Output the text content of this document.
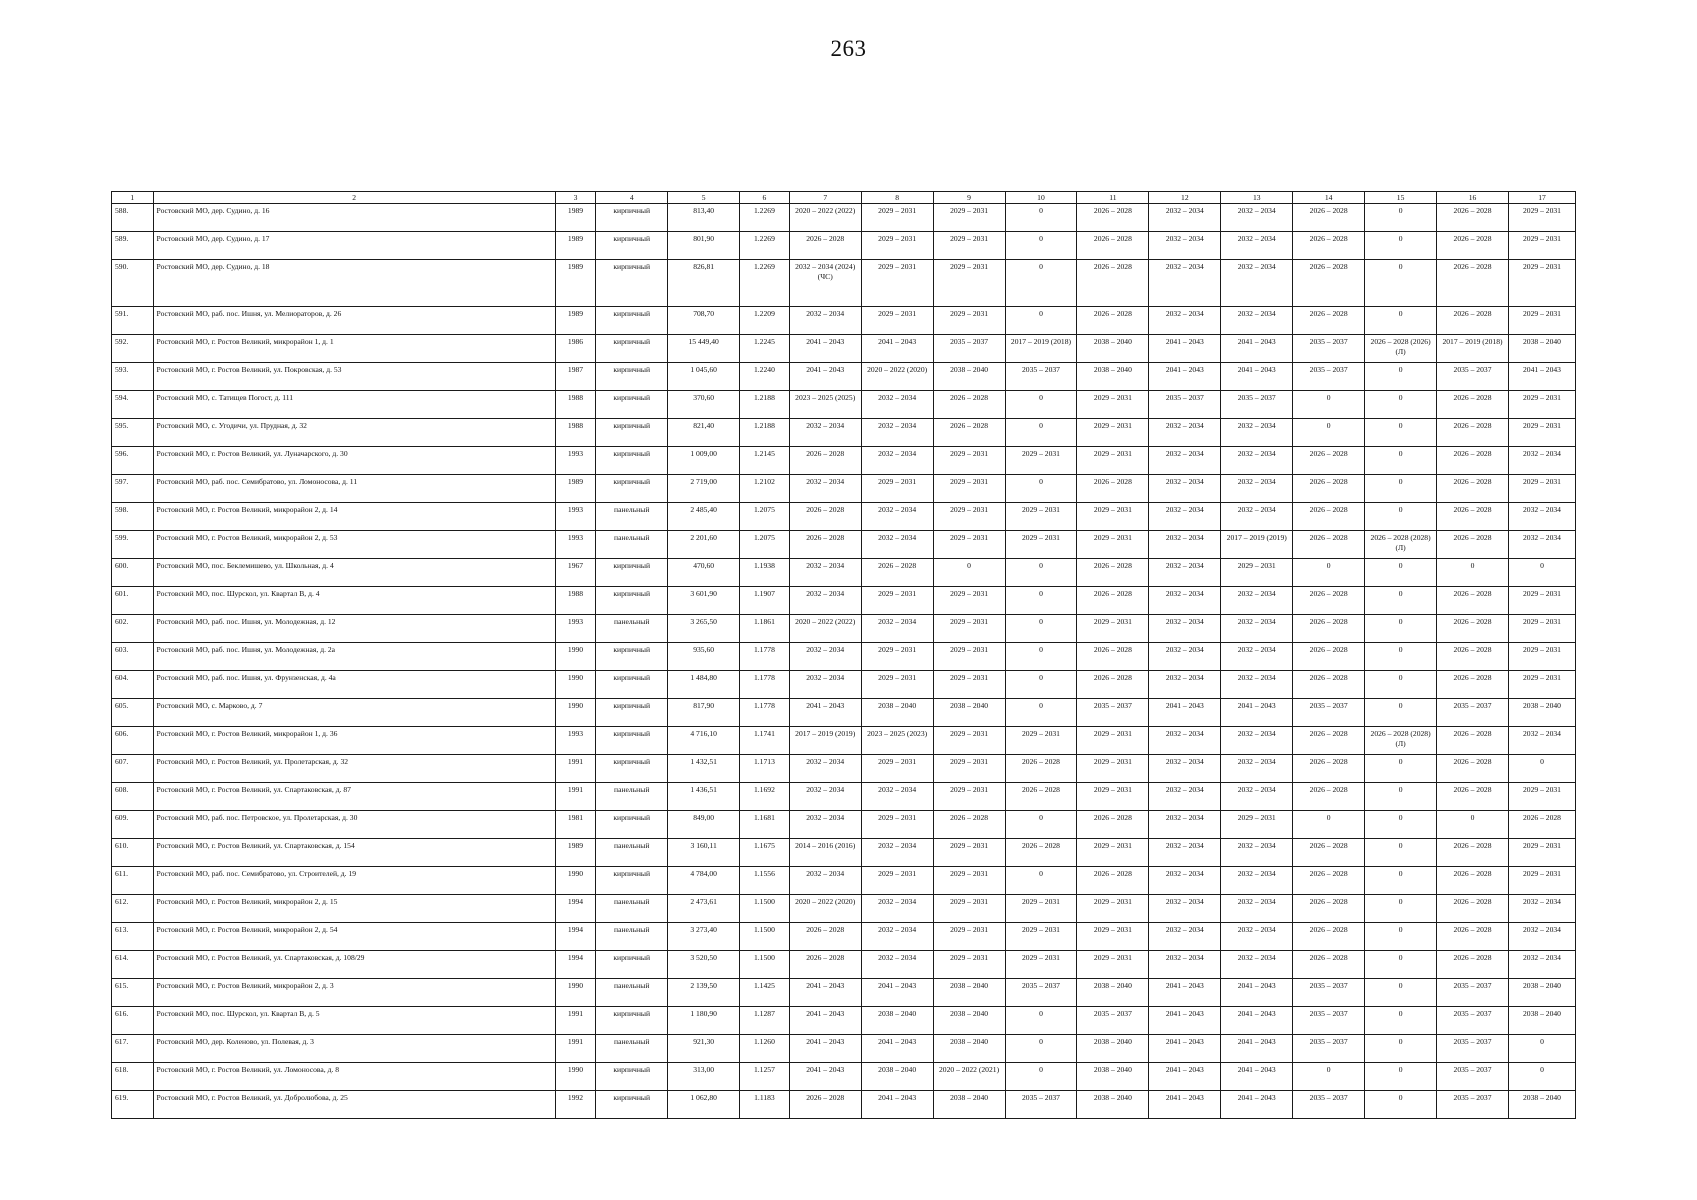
263
1	2	3	4	5	6	7	8	9	10	11	12	13	14	15	16	17
588.	Ростовский МО, дер. Судино, д. 16	1989	кирпичный	813,40	1.2269	2020 – 2022 (2022)	2029 – 2031	2029 – 2031	0	2026 – 2028	2032 – 2034	2032 – 2034	2026 – 2028	0	2026 – 2028	2029 – 2031
589.	Ростовский МО, дер. Судино, д. 17	1989	кирпичный	801,90	1.2269	2026 – 2028	2029 – 2031	2029 – 2031	0	2026 – 2028	2032 – 2034	2032 – 2034	2026 – 2028	0	2026 – 2028	2029 – 2031
590.	Ростовский МО, дер. Судино, д. 18	1989	кирпичный	826,81	1.2269	2032 – 2034 (2024) (ЧС)	2029 – 2031	2029 – 2031	0	2026 – 2028	2032 – 2034	2032 – 2034	2026 – 2028	0	2026 – 2028	2029 – 2031
591.	Ростовский МО, раб. пос. Ишня, ул. Мелиораторов, д. 26	1989	кирпичный	708,70	1.2209	2032 – 2034	2029 – 2031	2029 – 2031	0	2026 – 2028	2032 – 2034	2032 – 2034	2026 – 2028	0	2026 – 2028	2029 – 2031
592.	Ростовский МО, г. Ростов Великий, микрорайон 1, д. 1	1986	кирпичный	15 449,40	1.2245	2041 – 2043	2041 – 2043	2035 – 2037	2017 – 2019 (2018)	2038 – 2040	2041 – 2043	2041 – 2043	2035 – 2037	2026 – 2028 (2026) (Л)	2017 – 2019 (2018)	2038 – 2040
593.	Ростовский МО, г. Ростов Великий, ул. Покровская, д. 53	1987	кирпичный	1 045,60	1.2240	2041 – 2043	2020 – 2022 (2020)	2038 – 2040	2035 – 2037	2038 – 2040	2041 – 2043	2041 – 2043	2035 – 2037	0	2035 – 2037	2041 – 2043
594.	Ростовский МО, с. Татищев Погост, д. 111	1988	кирпичный	370,60	1.2188	2023 – 2025 (2025)	2032 – 2034	2026 – 2028	0	2029 – 2031	2035 – 2037	2035 – 2037	0	0	2026 – 2028	2029 – 2031
595.	Ростовский МО, с. Угодичи, ул. Прудная, д. 32	1988	кирпичный	821,40	1.2188	2032 – 2034	2032 – 2034	2026 – 2028	0	2029 – 2031	2032 – 2034	2032 – 2034	0	0	2026 – 2028	2029 – 2031
596.	Ростовский МО, г. Ростов Великий, ул. Луначарского, д. 30	1993	кирпичный	1 009,00	1.2145	2026 – 2028	2032 – 2034	2029 – 2031	2029 – 2031	2029 – 2031	2032 – 2034	2032 – 2034	2026 – 2028	0	2026 – 2028	2032 – 2034
597.	Ростовский МО, раб. пос. Семибратово, ул. Ломоносова, д. 11	1989	кирпичный	2 719,00	1.2102	2032 – 2034	2029 – 2031	2029 – 2031	0	2026 – 2028	2032 – 2034	2032 – 2034	2026 – 2028	0	2026 – 2028	2029 – 2031
598.	Ростовский МО, г. Ростов Великий, микрорайон 2, д. 14	1993	панельный	2 485,40	1.2075	2026 – 2028	2032 – 2034	2029 – 2031	2029 – 2031	2029 – 2031	2032 – 2034	2032 – 2034	2026 – 2028	0	2026 – 2028	2032 – 2034
599.	Ростовский МО, г. Ростов Великий, микрорайон 2, д. 53	1993	панельный	2 201,60	1.2075	2026 – 2028	2032 – 2034	2029 – 2031	2029 – 2031	2029 – 2031	2032 – 2034	2017 – 2019 (2019)	2026 – 2028	2026 – 2028 (2028) (Л)	2026 – 2028	2032 – 2034
600.	Ростовский МО, пос. Беклемишево, ул. Школьная, д. 4	1967	кирпичный	470,60	1.1938	2032 – 2034	2026 – 2028	0	0	2026 – 2028	2032 – 2034	2029 – 2031	0	0	0	0
601.	Ростовский МО, пос. Шурскол, ул. Квартал В, д. 4	1988	кирпичный	3 601,90	1.1907	2032 – 2034	2029 – 2031	2029 – 2031	0	2026 – 2028	2032 – 2034	2032 – 2034	2026 – 2028	0	2026 – 2028	2029 – 2031
602.	Ростовский МО, раб. пос. Ишня, ул. Молодежная, д. 12	1993	панельный	3 265,50	1.1861	2020 – 2022 (2022)	2032 – 2034	2029 – 2031	0	2029 – 2031	2032 – 2034	2032 – 2034	2026 – 2028	0	2026 – 2028	2029 – 2031
603.	Ростовский МО, раб. пос. Ишня, ул. Молодежная, д. 2а	1990	кирпичный	935,60	1.1778	2032 – 2034	2029 – 2031	2029 – 2031	0	2026 – 2028	2032 – 2034	2032 – 2034	2026 – 2028	0	2026 – 2028	2029 – 2031
604.	Ростовский МО, раб. пос. Ишня, ул. Фрунзенская, д. 4а	1990	кирпичный	1 484,80	1.1778	2032 – 2034	2029 – 2031	2029 – 2031	0	2026 – 2028	2032 – 2034	2032 – 2034	2026 – 2028	0	2026 – 2028	2029 – 2031
605.	Ростовский МО, с. Марково, д. 7	1990	кирпичный	817,90	1.1778	2041 – 2043	2038 – 2040	2038 – 2040	0	2035 – 2037	2041 – 2043	2041 – 2043	2035 – 2037	0	2035 – 2037	2038 – 2040
606.	Ростовский МО, г. Ростов Великий, микрорайон 1, д. 36	1993	кирпичный	4 716,10	1.1741	2017 – 2019 (2019)	2023 – 2025 (2023)	2029 – 2031	2029 – 2031	2029 – 2031	2032 – 2034	2032 – 2034	2026 – 2028	2026 – 2028 (2028) (Л)	2026 – 2028	2032 – 2034
607.	Ростовский МО, г. Ростов Великий, ул. Пролетарская, д. 32	1991	кирпичный	1 432,51	1.1713	2032 – 2034	2029 – 2031	2029 – 2031	2026 – 2028	2029 – 2031	2032 – 2034	2032 – 2034	2026 – 2028	0	2026 – 2028	0
608.	Ростовский МО, г. Ростов Великий, ул. Спартаковская, д. 87	1991	панельный	1 436,51	1.1692	2032 – 2034	2032 – 2034	2029 – 2031	2026 – 2028	2029 – 2031	2032 – 2034	2032 – 2034	2026 – 2028	0	2026 – 2028	2029 – 2031
609.	Ростовский МО, раб. пос. Петровское, ул. Пролетарская, д. 30	1981	кирпичный	849,00	1.1681	2032 – 2034	2029 – 2031	2026 – 2028	0	2026 – 2028	2032 – 2034	2029 – 2031	0	0	0	2026 – 2028
610.	Ростовский МО, г. Ростов Великий, ул. Спартаковская, д. 154	1989	панельный	3 160,11	1.1675	2014 – 2016 (2016)	2032 – 2034	2029 – 2031	2026 – 2028	2029 – 2031	2032 – 2034	2032 – 2034	2026 – 2028	0	2026 – 2028	2029 – 2031
611.	Ростовский МО, раб. пос. Семибратово, ул. Строителей, д. 19	1990	кирпичный	4 784,00	1.1556	2032 – 2034	2029 – 2031	2029 – 2031	0	2026 – 2028	2032 – 2034	2032 – 2034	2026 – 2028	0	2026 – 2028	2029 – 2031
612.	Ростовский МО, г. Ростов Великий, микрорайон 2, д. 15	1994	панельный	2 473,61	1.1500	2020 – 2022 (2020)	2032 – 2034	2029 – 2031	2029 – 2031	2029 – 2031	2032 – 2034	2032 – 2034	2026 – 2028	0	2026 – 2028	2032 – 2034
613.	Ростовский МО, г. Ростов Великий, микрорайон 2, д. 54	1994	панельный	3 273,40	1.1500	2026 – 2028	2032 – 2034	2029 – 2031	2029 – 2031	2029 – 2031	2032 – 2034	2032 – 2034	2026 – 2028	0	2026 – 2028	2032 – 2034
614.	Ростовский МО, г. Ростов Великий, ул. Спартаковская, д. 108/29	1994	кирпичный	3 520,50	1.1500	2026 – 2028	2032 – 2034	2029 – 2031	2029 – 2031	2029 – 2031	2032 – 2034	2032 – 2034	2026 – 2028	0	2026 – 2028	2032 – 2034
615.	Ростовский МО, г. Ростов Великий, микрорайон 2, д. 3	1990	панельный	2 139,50	1.1425	2041 – 2043	2041 – 2043	2038 – 2040	2035 – 2037	2038 – 2040	2041 – 2043	2041 – 2043	2035 – 2037	0	2035 – 2037	2038 – 2040
616.	Ростовский МО, пос. Шурскол, ул. Квартал В, д. 5	1991	кирпичный	1 180,90	1.1287	2041 – 2043	2038 – 2040	2038 – 2040	0	2035 – 2037	2041 – 2043	2041 – 2043	2035 – 2037	0	2035 – 2037	2038 – 2040
617.	Ростовский МО, дер. Коленово, ул. Полевая, д. 3	1991	панельный	921,30	1.1260	2041 – 2043	2041 – 2043	2038 – 2040	0	2038 – 2040	2041 – 2043	2041 – 2043	2035 – 2037	0	2035 – 2037	0
618.	Ростовский МО, г. Ростов Великий, ул. Ломоносова, д. 8	1990	кирпичный	313,00	1.1257	2041 – 2043	2038 – 2040	2020 – 2022 (2021)	0	2038 – 2040	2041 – 2043	2041 – 2043	0	0	2035 – 2037	0
619.	Ростовский МО, г. Ростов Великий, ул. Добролюбова, д. 25	1992	кирпичный	1 062,80	1.1183	2026 – 2028	2041 – 2043	2038 – 2040	2035 – 2037	2038 – 2040	2041 – 2043	2041 – 2043	2035 – 2037	0	2035 – 2037	2038 – 2040
